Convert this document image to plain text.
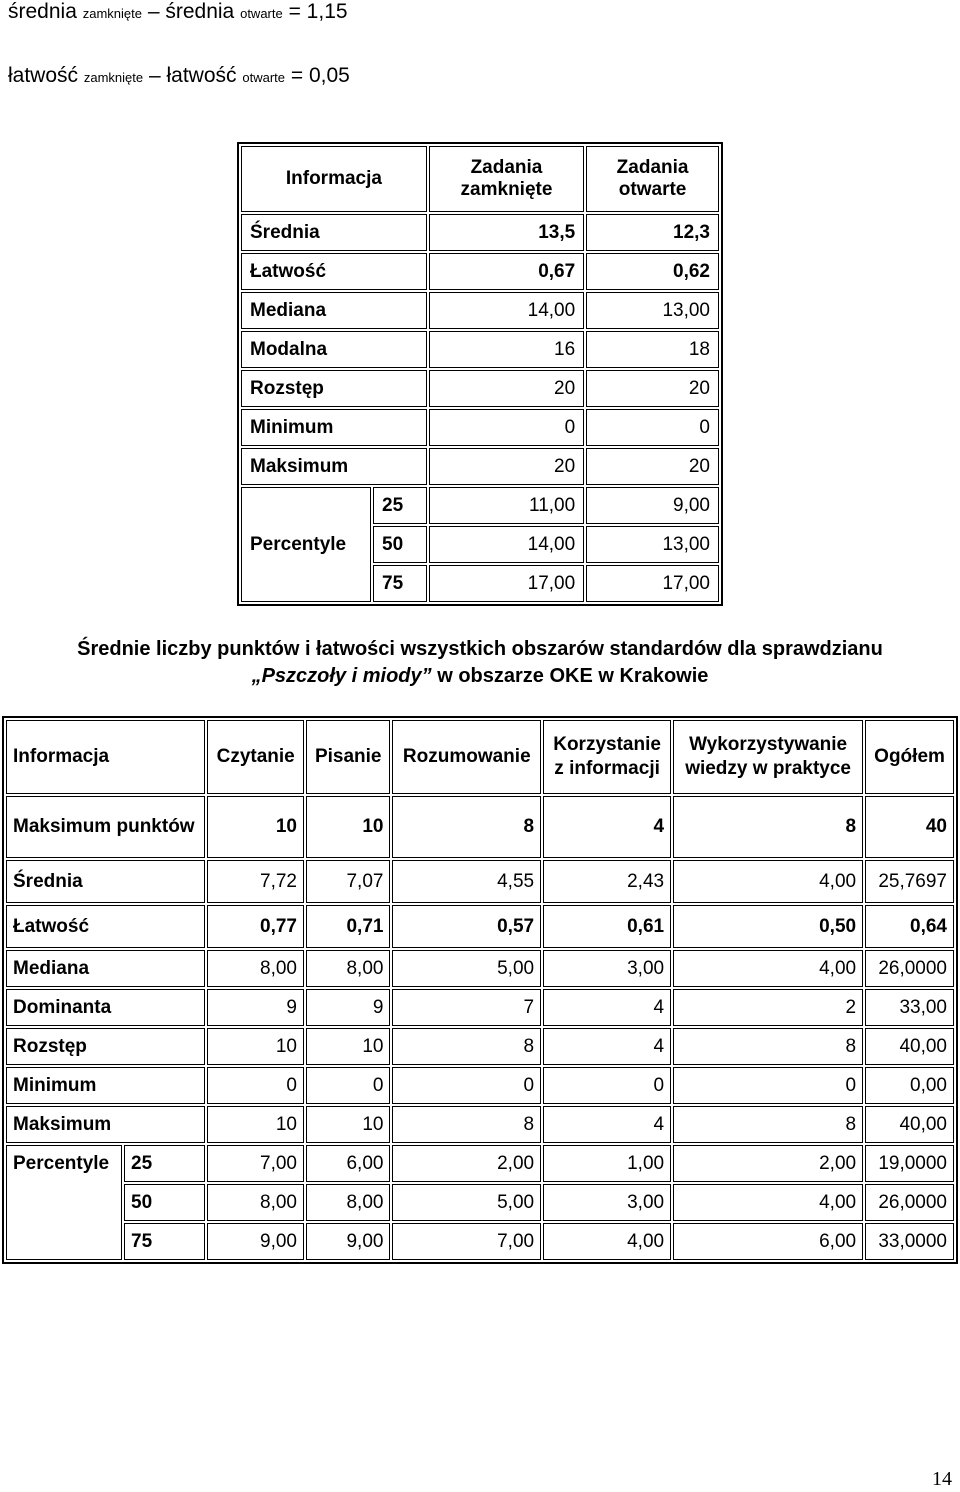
średnia zamknięte – średnia otwarte = 1,15
łatwość zamknięte – łatwość otwarte = 0,05
Informacja		Zadania zamknięte	Zadania otwarte
Średnia		13,5	12,3
Łatwość		0,67	0,62
Mediana		14,00	13,00
Modalna		16	18
Rozstęp		20	20
Minimum		0	0
Maksimum		20	20
Percentyle	25	11,00	9,00
	50	14,00	13,00
	75	17,00	17,00
Średnie liczby punktów i łatwości wszystkich obszarów standardów dla sprawdzianu
„Pszczoły i miody” w obszarze OKE w Krakowie
Informacja		Czytanie	Pisanie	Rozumowanie	Korzystanie z informacji	Wykorzystywanie wiedzy w praktyce	Ogółem
Maksimum punktów		10	10	8	4	8	40
Średnia		7,72	7,07	4,55	2,43	4,00	25,7697
Łatwość		0,77	0,71	0,57	0,61	0,50	0,64
Mediana		8,00	8,00	5,00	3,00	4,00	26,0000
Dominanta		9	9	7	4	2	33,00
Rozstęp		10	10	8	4	8	40,00
Minimum		0	0	0	0	0	0,00
Maksimum		10	10	8	4	8	40,00
Percentyle	25	7,00	6,00	2,00	1,00	2,00	19,0000
	50	8,00	8,00	5,00	3,00	4,00	26,0000
	75	9,00	9,00	7,00	4,00	6,00	33,0000
14
